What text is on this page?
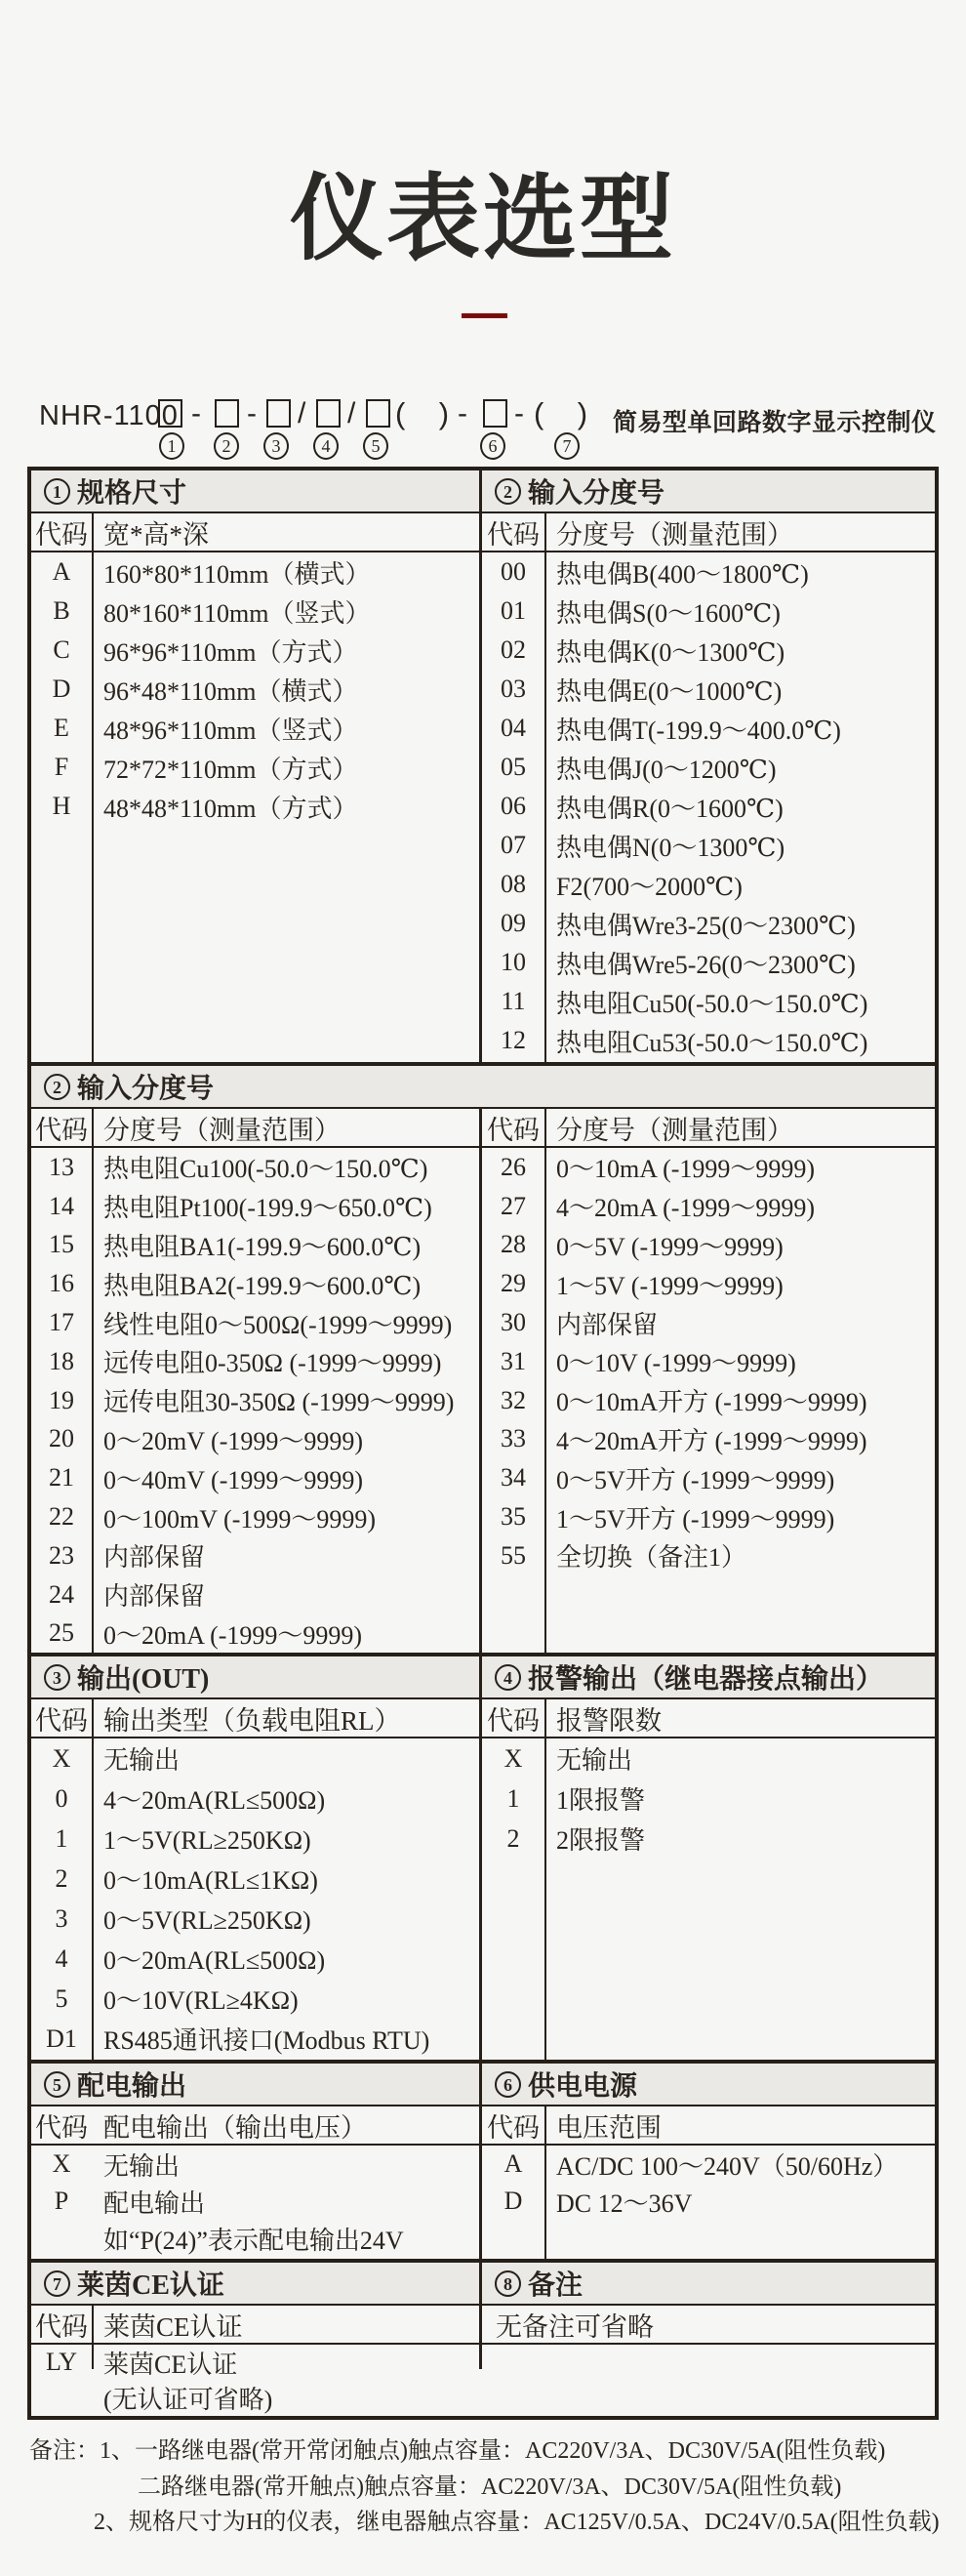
仪表选型
NHR-1100 - - / / (    ) - - (    ) 简易型单回路数字显示控制仪
1	2	3	4	5	6	7
1 规格尺寸
代码 宽*高*深
A	160*80*110mm（横式）
B	80*160*110mm（竖式）
C	96*96*110mm（方式）
D	96*48*110mm（横式）
E	48*96*110mm（竖式）
F	72*72*110mm（方式）
H	48*48*110mm（方式）
2 输入分度号
代码 分度号（测量范围）
00	热电偶B(400～1800℃)
01	热电偶S(0～1600℃)
02	热电偶K(0～1300℃)
03	热电偶E(0～1000℃)
04	热电偶T(-199.9～400.0℃)
05	热电偶J(0～1200℃)
06	热电偶R(0～1600℃)
07	热电偶N(0～1300℃)
08	F2(700～2000℃)
09	热电偶Wre3-25(0～2300℃)
10	热电偶Wre5-26(0～2300℃)
11	热电阻Cu50(-50.0～150.0℃)
12	热电阻Cu53(-50.0～150.0℃)
2 输入分度号
代码 分度号（测量范围）
13	热电阻Cu100(-50.0～150.0℃)
14	热电阻Pt100(-199.9～650.0℃)
15	热电阻BA1(-199.9～600.0℃)
16	热电阻BA2(-199.9～600.0℃)
17	线性电阻0～500Ω(-1999～9999)
18	远传电阻0-350Ω (-1999～9999)
19	远传电阻30-350Ω (-1999～9999)
20	0～20mV (-1999～9999)
21	0～40mV (-1999～9999)
22	0～100mV (-1999～9999)
23	内部保留
24	内部保留
25	0～20mA (-1999～9999)
代码 分度号（测量范围）
26	0～10mA (-1999～9999)
27	4～20mA (-1999～9999)
28	0～5V (-1999～9999)
29	1～5V (-1999～9999)
30	内部保留
31	0～10V (-1999～9999)
32	0～10mA开方 (-1999～9999)
33	4～20mA开方 (-1999～9999)
34	0～5V开方 (-1999～9999)
35	1～5V开方 (-1999～9999)
55	全切换（备注1）
3 输出(OUT)
代码 输出类型（负载电阻RL）
X	无输出
0	4～20mA(RL≤500Ω)
1	1～5V(RL≥250KΩ)
2	0～10mA(RL≤1KΩ)
3	0～5V(RL≥250KΩ)
4	0～20mA(RL≤500Ω)
5	0～10V(RL≥4KΩ)
D1	RS485通讯接口(Modbus RTU)
4 报警输出（继电器接点输出）
代码 报警限数
X	无输出
1	1限报警
2	2限报警
5 配电输出
代码 配电输出（输出电压）
X	无输出
P	配电输出
如“P(24)”表示配电输出24V
6 供电电源
代码 电压范围
A	AC/DC 100～240V（50/60Hz）
D	DC 12～36V
7 莱茵CE认证
代码 莱茵CE认证
LY	莱茵CE认证
(无认证可省略)
8 备注
无备注可省略
备注：1、一路继电器(常开常闭触点)触点容量：AC220V/3A、DC30V/5A(阻性负载)
二路继电器(常开触点)触点容量：AC220V/3A、DC30V/5A(阻性负载)
2、规格尺寸为H的仪表，继电器触点容量：AC125V/0.5A、DC24V/0.5A(阻性负载)
